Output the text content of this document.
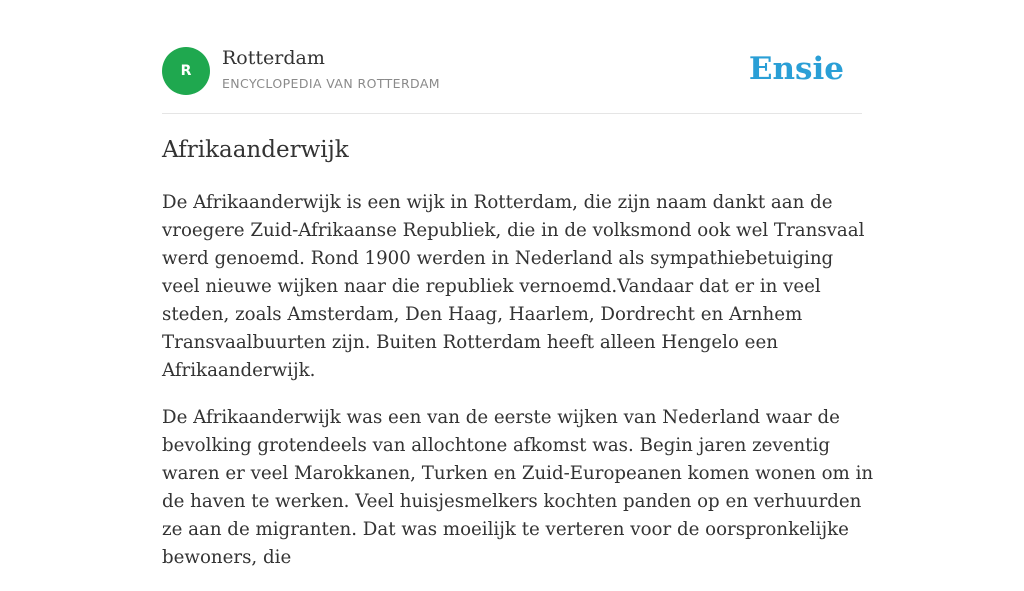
R
Rotterdam
ENCYCLOPEDIA VAN ROTTERDAM	Ensie
Afrikaanderwijk

De Afrikaanderwijk is een wijk in Rotterdam, die zijn naam dankt aan de vroegere Zuid-Afrikaanse Republiek, die in de volksmond ook wel Transvaal werd genoemd. Rond 1900 werden in Nederland als sympathiebetuiging veel nieuwe wijken naar die republiek vernoemd.Vandaar dat er in veel steden, zoals Amsterdam, Den Haag, Haarlem, Dordrecht en Arnhem Transvaalbuurten zijn. Buiten Rotterdam heeft alleen Hengelo een Afrikaanderwijk.

De Afrikaanderwijk was een van de eerste wijken van Nederland waar de bevolking grotendeels van allochtone afkomst was. Begin jaren zeventig waren er veel Marokkanen, Turken en Zuid-Europeanen komen wonen om in de haven te werken. Veel huisjesmelkers kochten panden op en verhuurden ze aan de migranten. Dat was moeilijk te verteren voor de oorspronkelijke bewoners, die
